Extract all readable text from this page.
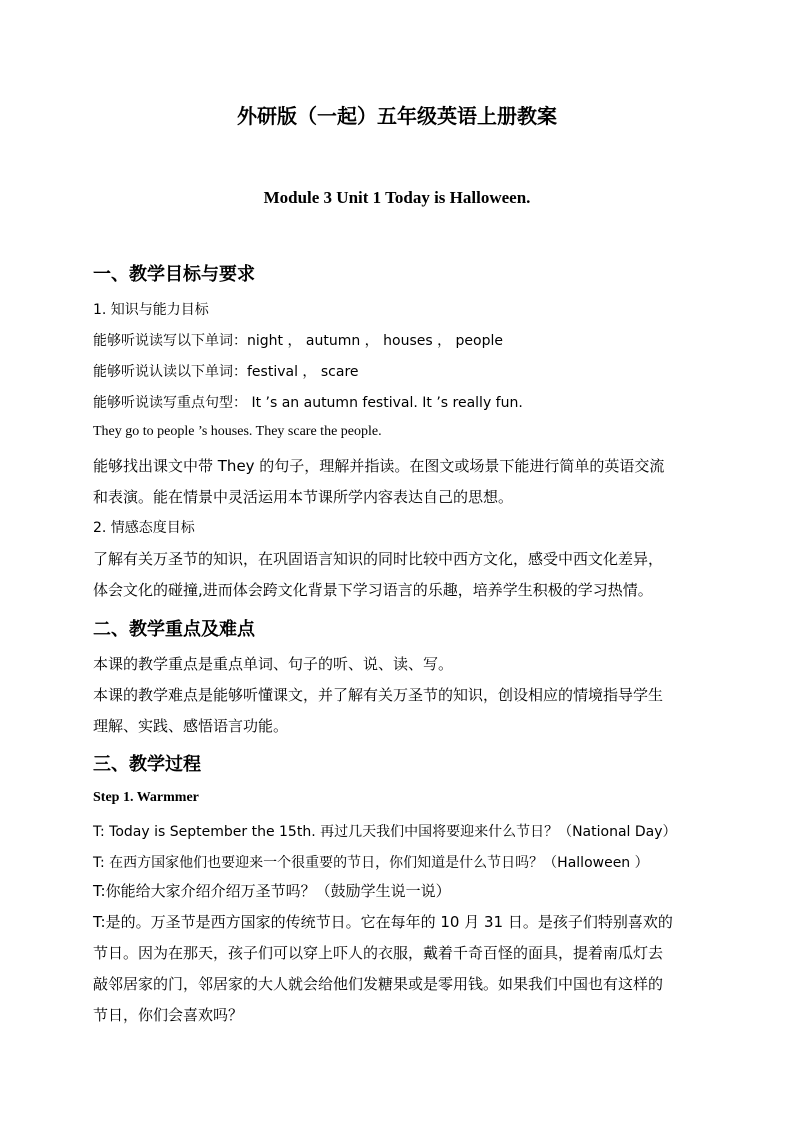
外研版（一起）五年级英语上册教案
Module 3 Unit 1 Today is Halloween.
一、教学目标与要求
1. 知识与能力目标
能够听说读写以下单词：night ， autumn ， houses ， people
能够听说认读以下单词：festival ， scare
能够听说读写重点句型： It ’s an autumn festival. It ’s really fun.
They go to people ’s houses. They scare the people.
能够找出课文中带 They 的句子，理解并指读。在图文或场景下能进行简单的英语交流
和表演。能在情景中灵活运用本节课所学内容表达自己的思想。
2. 情感态度目标
了解有关万圣节的知识，在巩固语言知识的同时比较中西方文化，感受中西文化差异，
体会文化的碰撞,进而体会跨文化背景下学习语言的乐趣，培养学生积极的学习热情。
二、教学重点及难点
本课的教学重点是重点单词、句子的听、说、读、写。
本课的教学难点是能够听懂课文，并了解有关万圣节的知识，创设相应的情境指导学生
理解、实践、感悟语言功能。
三、教学过程
Step 1. Warmmer
T: Today is September the 15th. 再过几天我们中国将要迎来什么节日？（National Day）
T: 在西方国家他们也要迎来一个很重要的节日，你们知道是什么节日吗？（Halloween ）
T:你能给大家介绍介绍万圣节吗？（鼓励学生说一说）
T:是的。万圣节是西方国家的传统节日。它在每年的 10 月 31 日。是孩子们特别喜欢的
节日。因为在那天，孩子们可以穿上吓人的衣服，戴着千奇百怪的面具，提着南瓜灯去
敲邻居家的门，邻居家的大人就会给他们发糖果或是零用钱。如果我们中国也有这样的
节日，你们会喜欢吗？
